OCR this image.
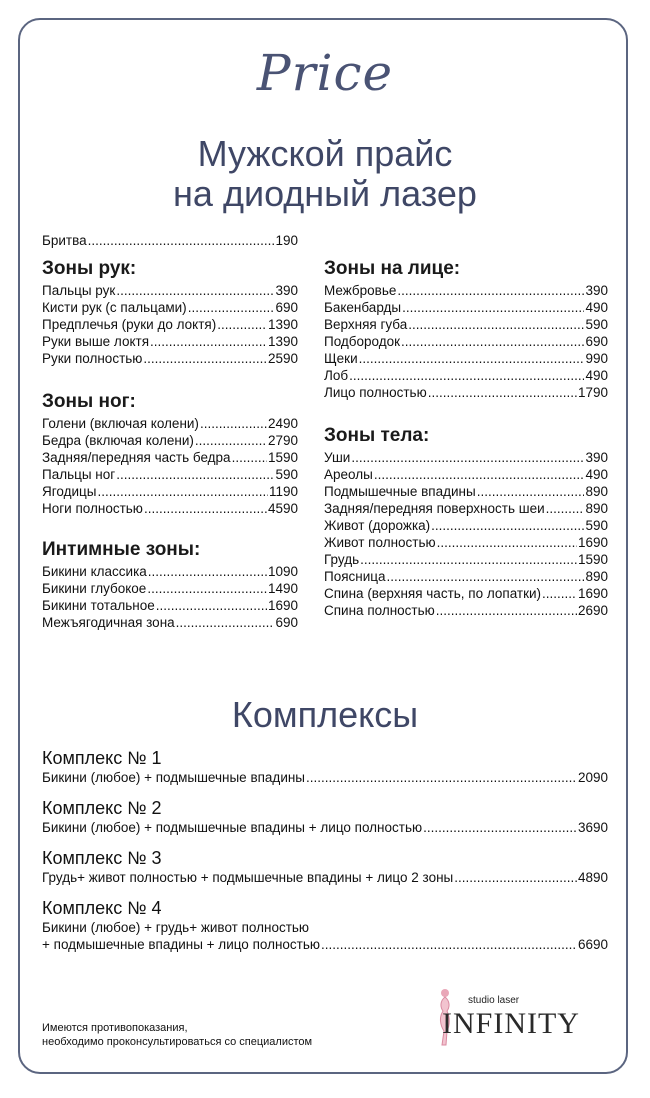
Price
Мужской прайс
на диодный лазер
Бритва .....	190
Зоны рук:
Пальцы рук .....	390
Кисти рук (с пальцами) .....	690
Предплечья (руки до локтя) .....	1390
Руки выше локтя .....	1390
Руки полностью .....	2590
Зоны ног:
Голени (включая колени) .....	2490
Бедра (включая колени) .....	2790
Задняя/передняя часть бедра .....	1590
Пальцы ног .....	590
Ягодицы .....	1190
Ноги полностью .....	4590
Интимные зоны:
Бикини классика .....	1090
Бикини глубокое .....	1490
Бикини тотальное .....	1690
Межъягодичная зона .....	690
Зоны на лице:
Межбровье .....	390
Бакенбарды .....	490
Верхняя губа .....	590
Подбородок .....	690
Щеки .....	990
Лоб .....	490
Лицо полностью .....	1790
Зоны тела:
Уши .....	390
Ареолы .....	490
Подмышечные впадины .....	890
Задняя/передняя поверхность шеи .....	890
Живот (дорожка) .....	590
Живот полностью .....	1690
Грудь .....	1590
Поясница .....	890
Спина (верхняя часть, по лопатки) .....	1690
Спина полностью .....	2690
Комплексы
Комплекс № 1
Бикини (любое) + подмышечные впадины .....	2090
Комплекс № 2
Бикини (любое) + подмышечные впадины + лицо полностью .....	3690
Комплекс № 3
Грудь+ живот полностью + подмышечные впадины + лицо 2 зоны .....	4890
Комплекс № 4
Бикини (любое) + грудь+ живот полностью
+ подмышечные впадины + лицо полностью .....	6690
Имеются противопоказания,
необходимо проконсультироваться со специалистом
studio laser
INFINITY
